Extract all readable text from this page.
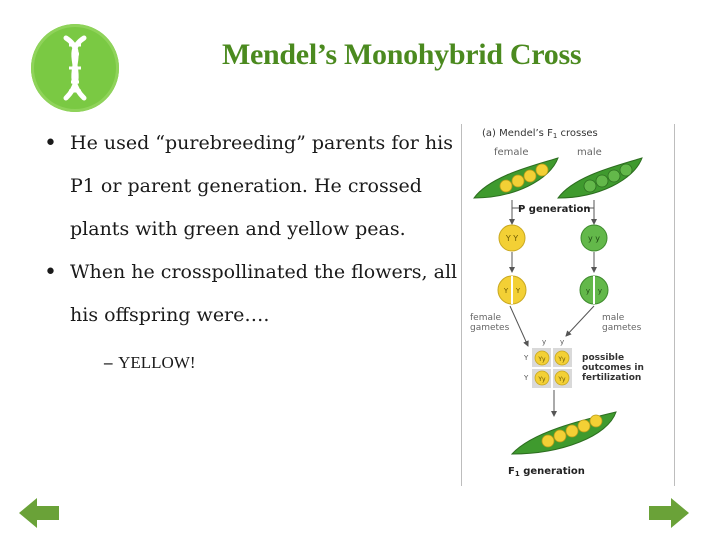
Mendel’s Monohybrid Cross
• He used “purebreeding” parents for his P1 or parent generation. He crossed plants with green and yellow peas.
• When he crosspollinated the flowers, all his offspring were….
– YELLOW!
(a) Mendel’s $F_1$ crosses
female	male
P generation
Y Y	y y
Y Y	y y
female gametes
male gametes
y y
Y
Y
Yy Yy
Yy Yy
possible outcomes in fertilization
$F_1$ generation
